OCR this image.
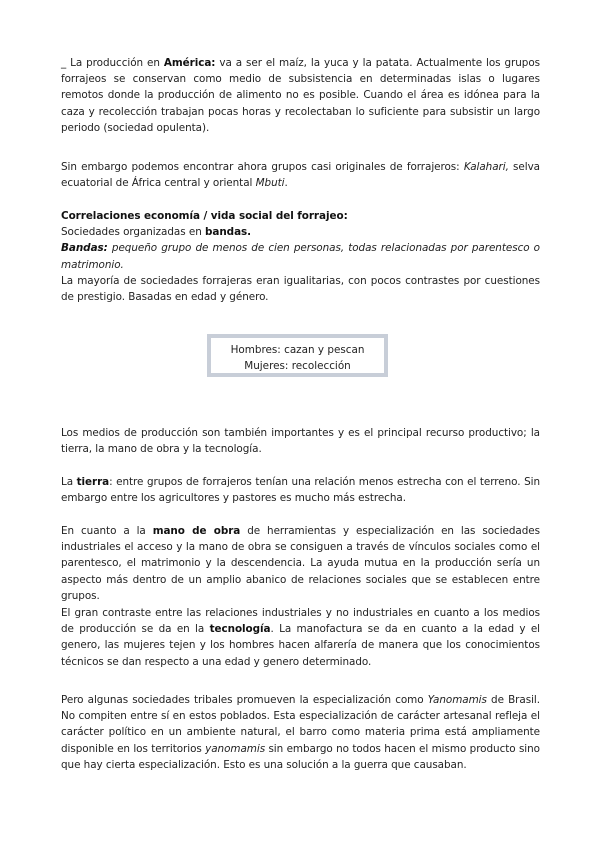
_ La producción en América: va a ser el maíz, la yuca y la patata. Actualmente los grupos forrajeos se conservan como medio de subsistencia en determinadas islas o lugares remotos donde la producción de alimento no es posible. Cuando el área es idónea para la caza y recolección trabajan pocas horas y recolectaban lo suficiente para subsistir un largo periodo (sociedad opulenta).

Sin embargo podemos encontrar ahora grupos casi originales de forrajeros: Kalahari, selva ecuatorial de África central y oriental Mbuti.

Correlaciones economía / vida social del forrajeo:
Sociedades organizadas en bandas.
Bandas: pequeño grupo de menos de cien personas, todas relacionadas por parentesco o matrimonio.
La mayoría de sociedades forrajeras eran igualitarias, con pocos contrastes por cuestiones de prestigio. Basadas en edad y género.
Hombres: cazan y pescan
Mujeres: recolección

Los medios de producción son también importantes y es el principal recurso productivo; la tierra, la mano de obra y la tecnología.

La tierra: entre grupos de forrajeros tenían una relación menos estrecha con el terreno. Sin embargo entre los agricultores y pastores es mucho más estrecha.

En cuanto a la mano de obra de herramientas y especialización en las sociedades industriales el acceso y la mano de obra se consiguen a través de vínculos sociales como el parentesco, el matrimonio y la descendencia. La ayuda mutua en la producción sería un aspecto más dentro de un amplio abanico de relaciones sociales que se establecen entre grupos.

El gran contraste entre las relaciones industriales y no industriales en cuanto a los medios de producción se da en la tecnología. La manofactura se da en cuanto a la edad y el genero, las mujeres tejen y los hombres hacen alfarería de manera que los conocimientos técnicos se dan respecto a una edad y genero determinado.

Pero algunas sociedades tribales promueven la especialización como Yanomamis de Brasil. No compiten entre sí en estos poblados. Esta especialización de carácter artesanal refleja el carácter político en un ambiente natural, el barro como materia prima está ampliamente disponible en los territorios yanomamis sin embargo no todos hacen el mismo producto sino que hay cierta especialización. Esto es una solución a la guerra que causaban.
